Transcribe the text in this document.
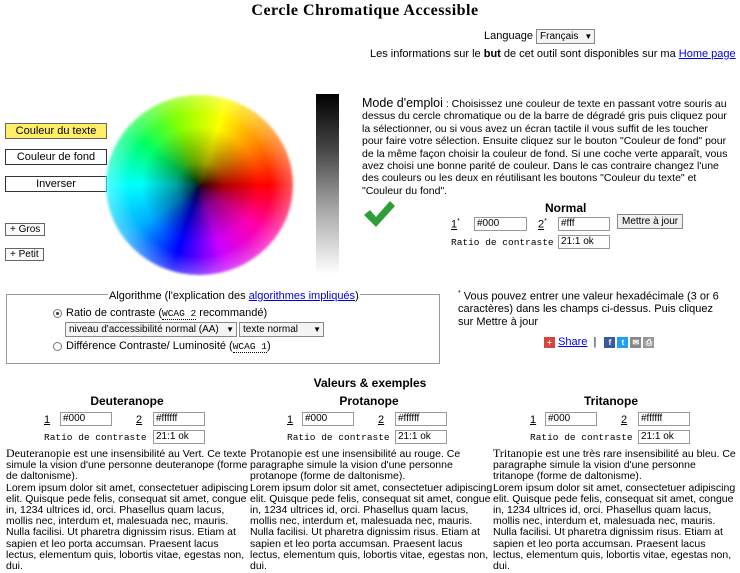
Cercle Chromatique Accessible
Language Français ▼
Les informations sur le but de cet outil sont disponibles sur ma Home page
Couleur du texte
Couleur de fond
Inverser
+ Gros
+ Petit
Mode d'emploi : Choisissez une couleur de texte en passant votre souris au dessus du cercle chromatique ou de la barre de dégradé gris puis cliquez pour la sélectionner, ou si vous avez un écran tactile il vous suffit de les toucher pour faire votre sélection. Ensuite cliquez sur le bouton "Couleur de fond" pour de la même façon choisir la couleur de fond. Si une coche verte apparaît, vous avez choisi une bonne parité de couleur. Dans le cas contraire changez l'une des couleurs ou les deux en réutilisant les boutons "Couleur du texte" et "Couleur du fond".
Normal
1*	#000	2*	#fff	Mettre à jour
Ratio de contraste 21:1 ok
Algorithme (l'explication des algorithmes impliqués)
Ratio de contraste (WCAG 2 recommandé)
niveau d'accessibilité normal (AA) ▼ texte normal ▼
Différence Contraste/ Luminosité (WCAG 1)
* Vous pouvez entrer une valeur hexadécimale (3 or 6 caractères) dans les champs ci-dessus. Puis cliquez sur Mettre à jour
+ Share | f t ✉ ⎙
Valeurs & exemples
Deuteranope
1	#000	2	#ffffff
Ratio de contraste 21:1 ok
Deuteranopie est une insensibilité au Vert. Ce texte simule la vision d'une personne deuteranope (forme de daltonisme).
Lorem ipsum dolor sit amet, consectetuer adipiscing elit. Quisque pede felis, consequat sit amet, congue in, 1234 ultrices id, orci. Phasellus quam lacus, mollis nec, interdum et, malesuada nec, mauris. Nulla facilisi. Ut pharetra dignissim risus. Etiam at sapien et leo porta accumsan. Praesent lacus lectus, elementum quis, lobortis vitae, egestas non, dui.
Protanope
1	#000	2	#ffffff
Ratio de contraste 21:1 ok
Protanopie est une insensibilité au rouge. Ce paragraphe simule la vision d'une personne protanope (forme de daltonisme).
Lorem ipsum dolor sit amet, consectetuer adipiscing elit. Quisque pede felis, consequat sit amet, congue in, 1234 ultrices id, orci. Phasellus quam lacus, mollis nec, interdum et, malesuada nec, mauris. Nulla facilisi. Ut pharetra dignissim risus. Etiam at sapien et leo porta accumsan. Praesent lacus lectus, elementum quis, lobortis vitae, egestas non, dui.
Tritanope
1	#000	2	#ffffff
Ratio de contraste 21:1 ok
Tritanopie est une très rare insensibilité au bleu. Ce paragraphe simule la vision d'une personne tritanope (forme de daltonisme).
Lorem ipsum dolor sit amet, consectetuer adipiscing elit. Quisque pede felis, consequat sit amet, congue in, 1234 ultrices id, orci. Phasellus quam lacus, mollis nec, interdum et, malesuada nec, mauris. Nulla facilisi. Ut pharetra dignissim risus. Etiam at sapien et leo porta accumsan. Praesent lacus lectus, elementum quis, lobortis vitae, egestas non, dui.
